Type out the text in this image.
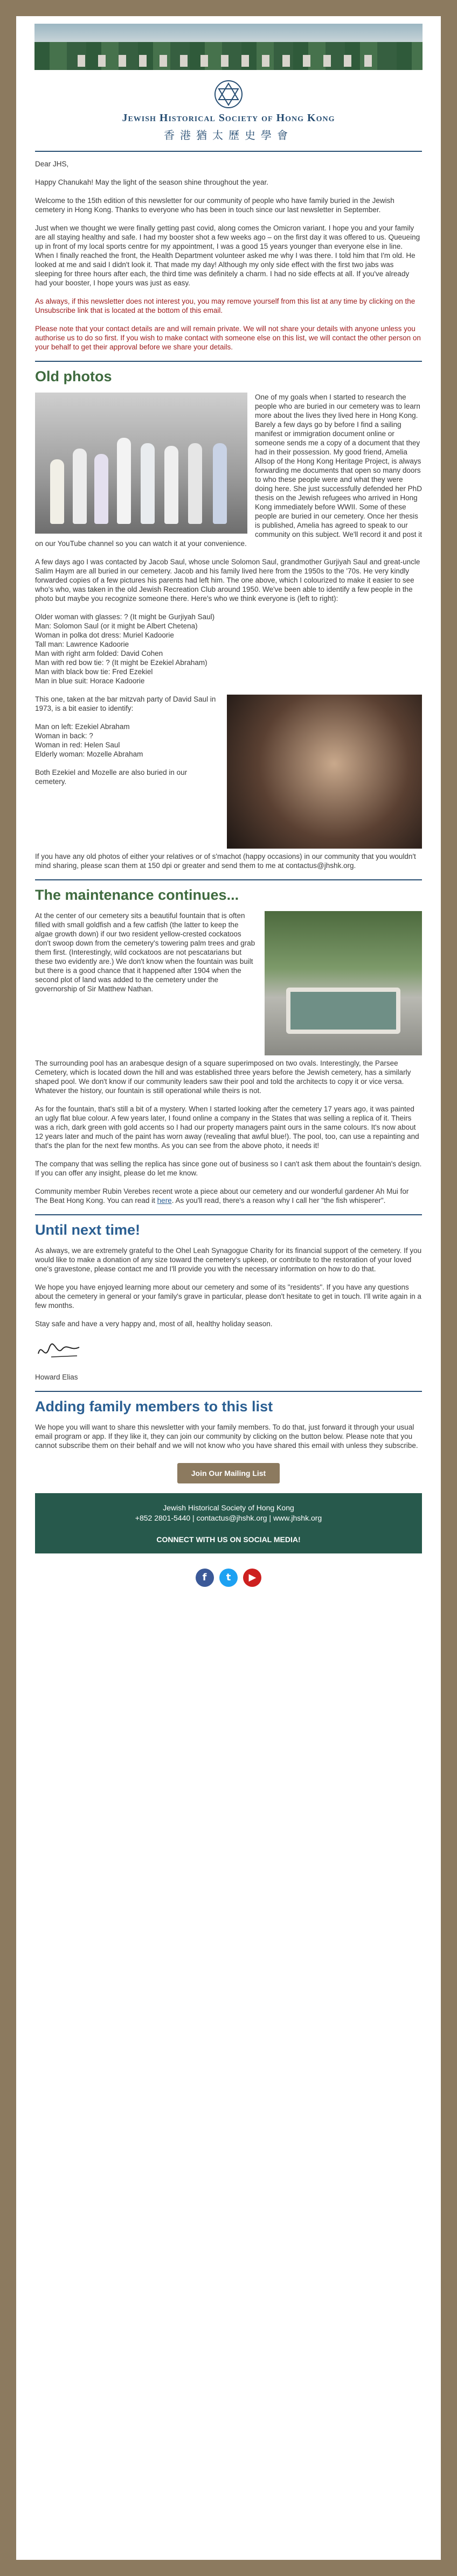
Jewish Historical Society of Hong Kong
香港猶太歷史學會

Dear JHS,

Happy Chanukah! May the light of the season shine throughout the year.

Welcome to the 15th edition of this newsletter for our community of people who have family buried in the Jewish cemetery in Hong Kong. Thanks to everyone who has been in touch since our last newsletter in September.

Just when we thought we were finally getting past covid, along comes the Omicron variant. I hope you and your family are all staying healthy and safe. I had my booster shot a few weeks ago – on the first day it was offered to us. Queueing up in front of my local sports centre for my appointment, I was a good 15 years younger than everyone else in line. When I finally reached the front, the Health Department volunteer asked me why I was there. I told him that I'm old. He looked at me and said I didn't look it. That made my day! Although my only side effect with the first two jabs was sleeping for three hours after each, the third time was definitely a charm. I had no side effects at all. If you've already had your booster, I hope yours was just as easy.

As always, if this newsletter does not interest you, you may remove yourself from this list at any time by clicking on the Unsubscribe link that is located at the bottom of this email.

Please note that your contact details are and will remain private. We will not share your details with anyone unless you authorise us to do so first. If you wish to make contact with someone else on this list, we will contact the other person on your behalf to get their approval before we share your details.

Old photos

One of my goals when I started to research the people who are buried in our cemetery was to learn more about the lives they lived here in Hong Kong. Barely a few days go by before I find a sailing manifest or immigration document online or someone sends me a copy of a document that they had in their possession. My good friend, Amelia Allsop of the Hong Kong Heritage Project, is always forwarding me documents that open so many doors to who these people were and what they were doing here. She just successfully defended her PhD thesis on the Jewish refugees who arrived in Hong Kong immediately before WWII. Some of these people are buried in our cemetery. Once her thesis is published, Amelia has agreed to speak to our community on this subject. We'll record it and post it on our YouTube channel so you can watch it at your convenience.

A few days ago I was contacted by Jacob Saul, whose uncle Solomon Saul, grandmother Gurjiyah Saul and great-uncle Salim Haym are all buried in our cemetery. Jacob and his family lived here from the 1950s to the '70s. He very kindly forwarded copies of a few pictures his parents had left him. The one above, which I colourized to make it easier to see who's who, was taken in the old Jewish Recreation Club around 1950. We've been able to identify a few people in the photo but maybe you recognize someone there. Here's who we think everyone is (left to right):

Older woman with glasses: ? (It might be Gurjiyah Saul)

Man: Solomon Saul (or it might be Albert Chetena)

Woman in polka dot dress: Muriel Kadoorie

Tall man: Lawrence Kadoorie

Man with right arm folded: David Cohen

Man with red bow tie: ? (It might be Ezekiel Abraham)

Man with black bow tie: Fred Ezekiel

Man in blue suit: Horace Kadoorie

This one, taken at the bar mitzvah party of David Saul in 1973, is a bit easier to identify:

Man on left: Ezekiel Abraham

Woman in back: ?

Woman in red: Helen Saul

Elderly woman: Mozelle Abraham

Both Ezekiel and Mozelle are also buried in our cemetery.

If you have any old photos of either your relatives or of s'machot (happy occasions) in our community that you wouldn't mind sharing, please scan them at 150 dpi or greater and send them to me at contactus@jhshk.org.

The maintenance continues...

At the center of our cemetery sits a beautiful fountain that is often filled with small goldfish and a few catfish (the latter to keep the algae growth down) if our two resident yellow-crested cockatoos don't swoop down from the cemetery's towering palm trees and grab them first. (Interestingly, wild cockatoos are not pescatarians but these two evidently are.) We don't know when the fountain was built but there is a good chance that it happened after 1904 when the second plot of land was added to the cemetery under the governorship of Sir Matthew Nathan.

The surrounding pool has an arabesque design of a square superimposed on two ovals. Interestingly, the Parsee Cemetery, which is located down the hill and was established three years before the Jewish cemetery, has a similarly shaped pool. We don't know if our community leaders saw their pool and told the architects to copy it or vice versa. Whatever the history, our fountain is still operational while theirs is not.

As for the fountain, that's still a bit of a mystery. When I started looking after the cemetery 17 years ago, it was painted an ugly flat blue colour. A few years later, I found online a company in the States that was selling a replica of it. Theirs was a rich, dark green with gold accents so I had our property managers paint ours in the same colours. It's now about 12 years later and much of the paint has worn away (revealing that awful blue!). The pool, too, can use a repainting and that's the plan for the next few months. As you can see from the above photo, it needs it!

The company that was selling the replica has since gone out of business so I can't ask them about the fountain's design. If you can offer any insight, please do let me know.

Community member Rubin Verebes recent wrote a piece about our cemetery and our wonderful gardener Ah Mui for The Beat Hong Kong. You can read it here. As you'll read, there's a reason why I call her "the fish whisperer".

Until next time!

As always, we are extremely grateful to the Ohel Leah Synagogue Charity for its financial support of the cemetery. If you would like to make a donation of any size toward the cemetery's upkeep, or contribute to the restoration of your loved one's gravestone, please contact me and I'll provide you with the necessary information on how to do that.

We hope you have enjoyed learning more about our cemetery and some of its "residents". If you have any questions about the cemetery in general or your family's grave in particular, please don't hesitate to get in touch. I'll write again in a few months.

Stay safe and have a very happy and, most of all, healthy holiday season.

Howard Elias

Adding family members to this list

We hope you will want to share this newsletter with your family members. To do that, just forward it through your usual email program or app. If they like it, they can join our community by clicking on the button below. Please note that you cannot subscribe them on their behalf and we will not know who you have shared this email with unless they subscribe.

Join Our Mailing List
Jewish Historical Society of Hong Kong
+852 2801-5440 | contactus@jhshk.org | www.jhshk.org
CONNECT WITH US ON SOCIAL MEDIA!
f t ▶
